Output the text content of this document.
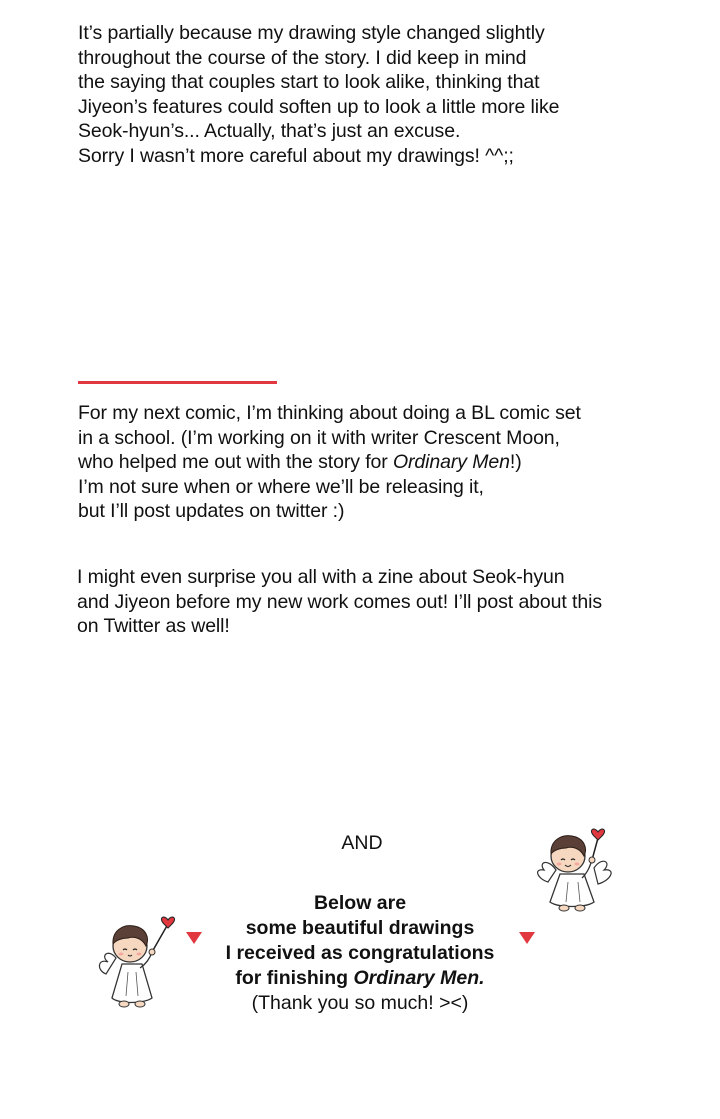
It’s partially because my drawing style changed slightly
throughout the course of the story. I did keep in mind
the saying that couples start to look alike, thinking that
Jiyeon’s features could soften up to look a little more like
Seok-hyun’s... Actually, that’s just an excuse.
Sorry I wasn’t more careful about my drawings! ^^;;

For my next comic, I’m thinking about doing a BL comic set
in a school. (I’m working on it with writer Crescent Moon,
who helped me out with the story for Ordinary Men!)
I’m not sure when or where we’ll be releasing it,
but I’ll post updates on twitter :)

I might even surprise you all with a zine about Seok-hyun
and Jiyeon before my new work comes out! I’ll post about this
on Twitter as well!

AND
Below are
some beautiful drawings
I received as congratulations
for finishing Ordinary Men.
(Thank you so much! ><)
